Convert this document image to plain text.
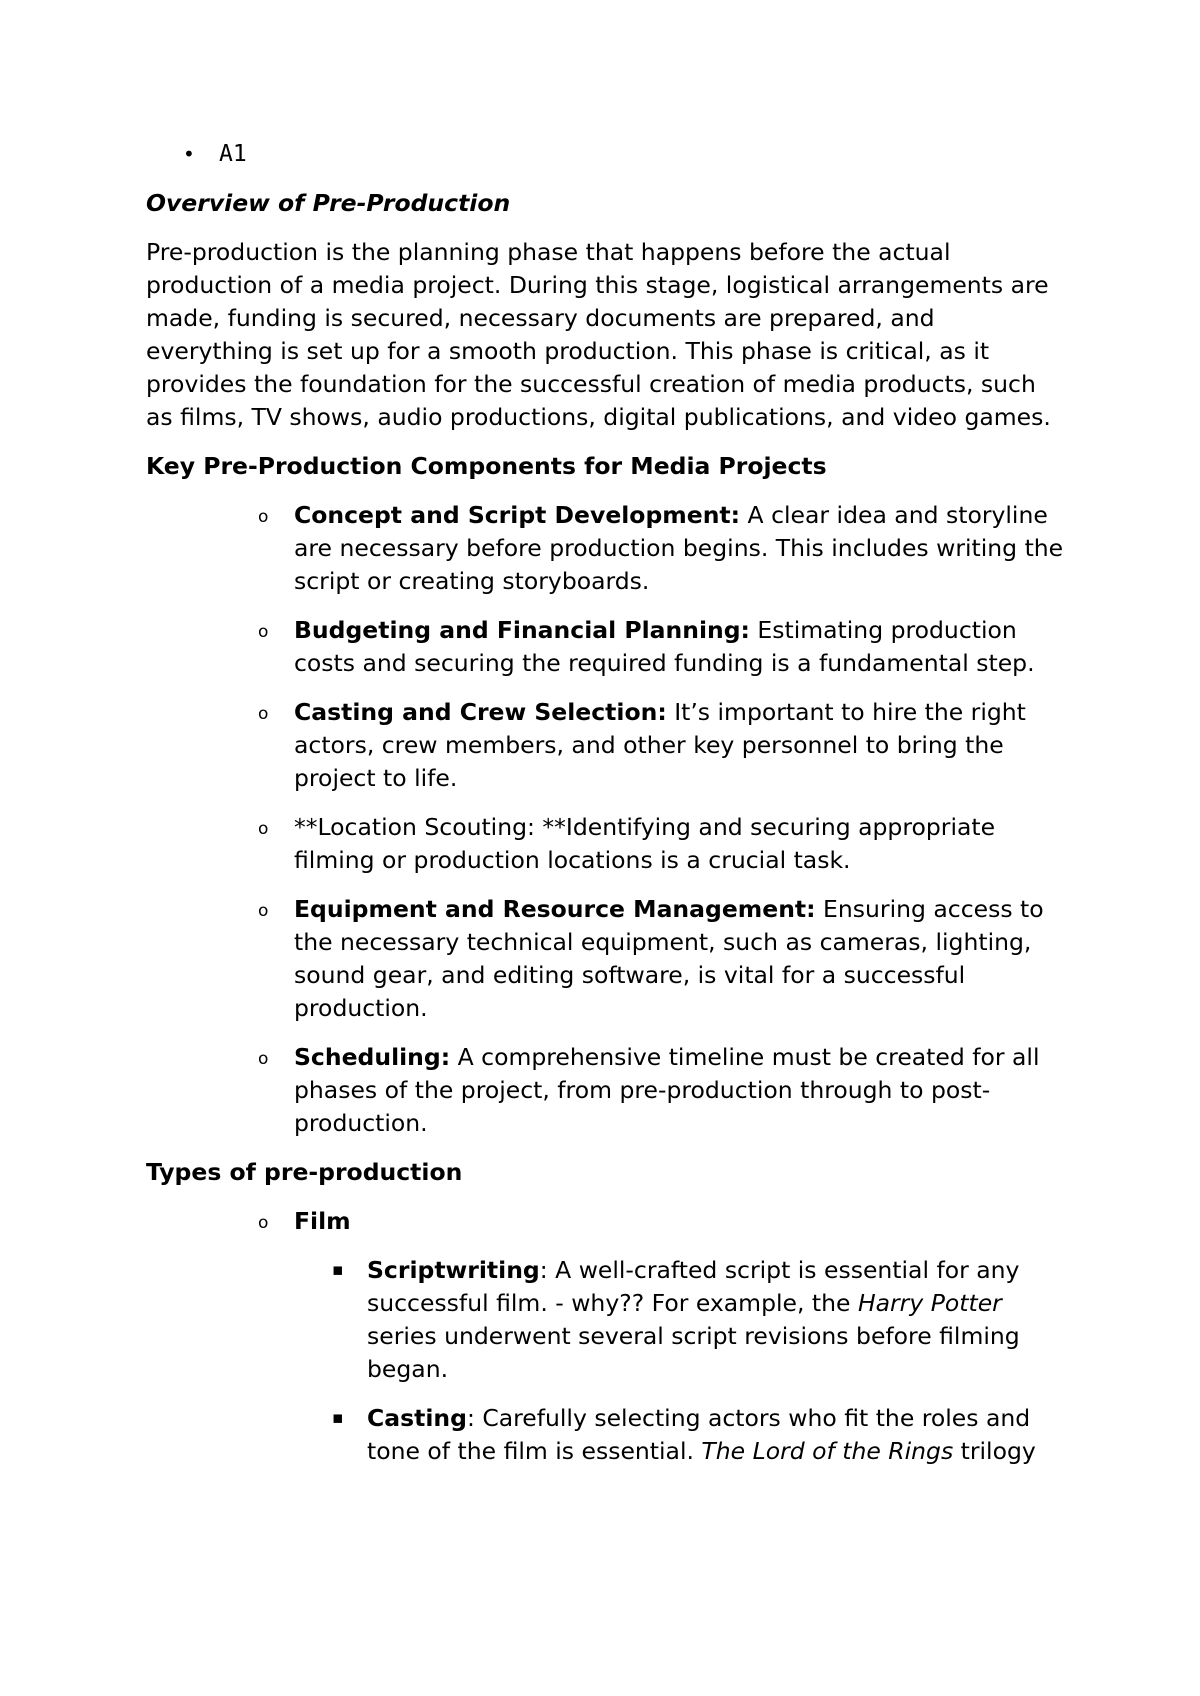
• A1

Overview of Pre-Production

Pre-production is the planning phase that happens before the actual production of a media project. During this stage, logistical arrangements are made, funding is secured, necessary documents are prepared, and everything is set up for a smooth production. This phase is critical, as it provides the foundation for the successful creation of media products, such as films, TV shows, audio productions, digital publications, and video games.

Key Pre-Production Components for Media Projects

o Concept and Script Development: A clear idea and storyline are necessary before production begins. This includes writing the script or creating storyboards.
o Budgeting and Financial Planning: Estimating production costs and securing the required funding is a fundamental step.
o Casting and Crew Selection: It’s important to hire the right actors, crew members, and other key personnel to bring the project to life.
o **Location Scouting: **Identifying and securing appropriate filming or production locations is a crucial task.
o Equipment and Resource Management: Ensuring access to the necessary technical equipment, such as cameras, lighting, sound gear, and editing software, is vital for a successful production.
o Scheduling: A comprehensive timeline must be created for all phases of the project, from pre-production through to post-production.

Types of pre-production

o Film
▪ Scriptwriting: A well-crafted script is essential for any successful film. - why?? For example, the Harry Potter series underwent several script revisions before filming began.
▪ Casting: Carefully selecting actors who fit the roles and tone of the film is essential. The Lord of the Rings trilogy
